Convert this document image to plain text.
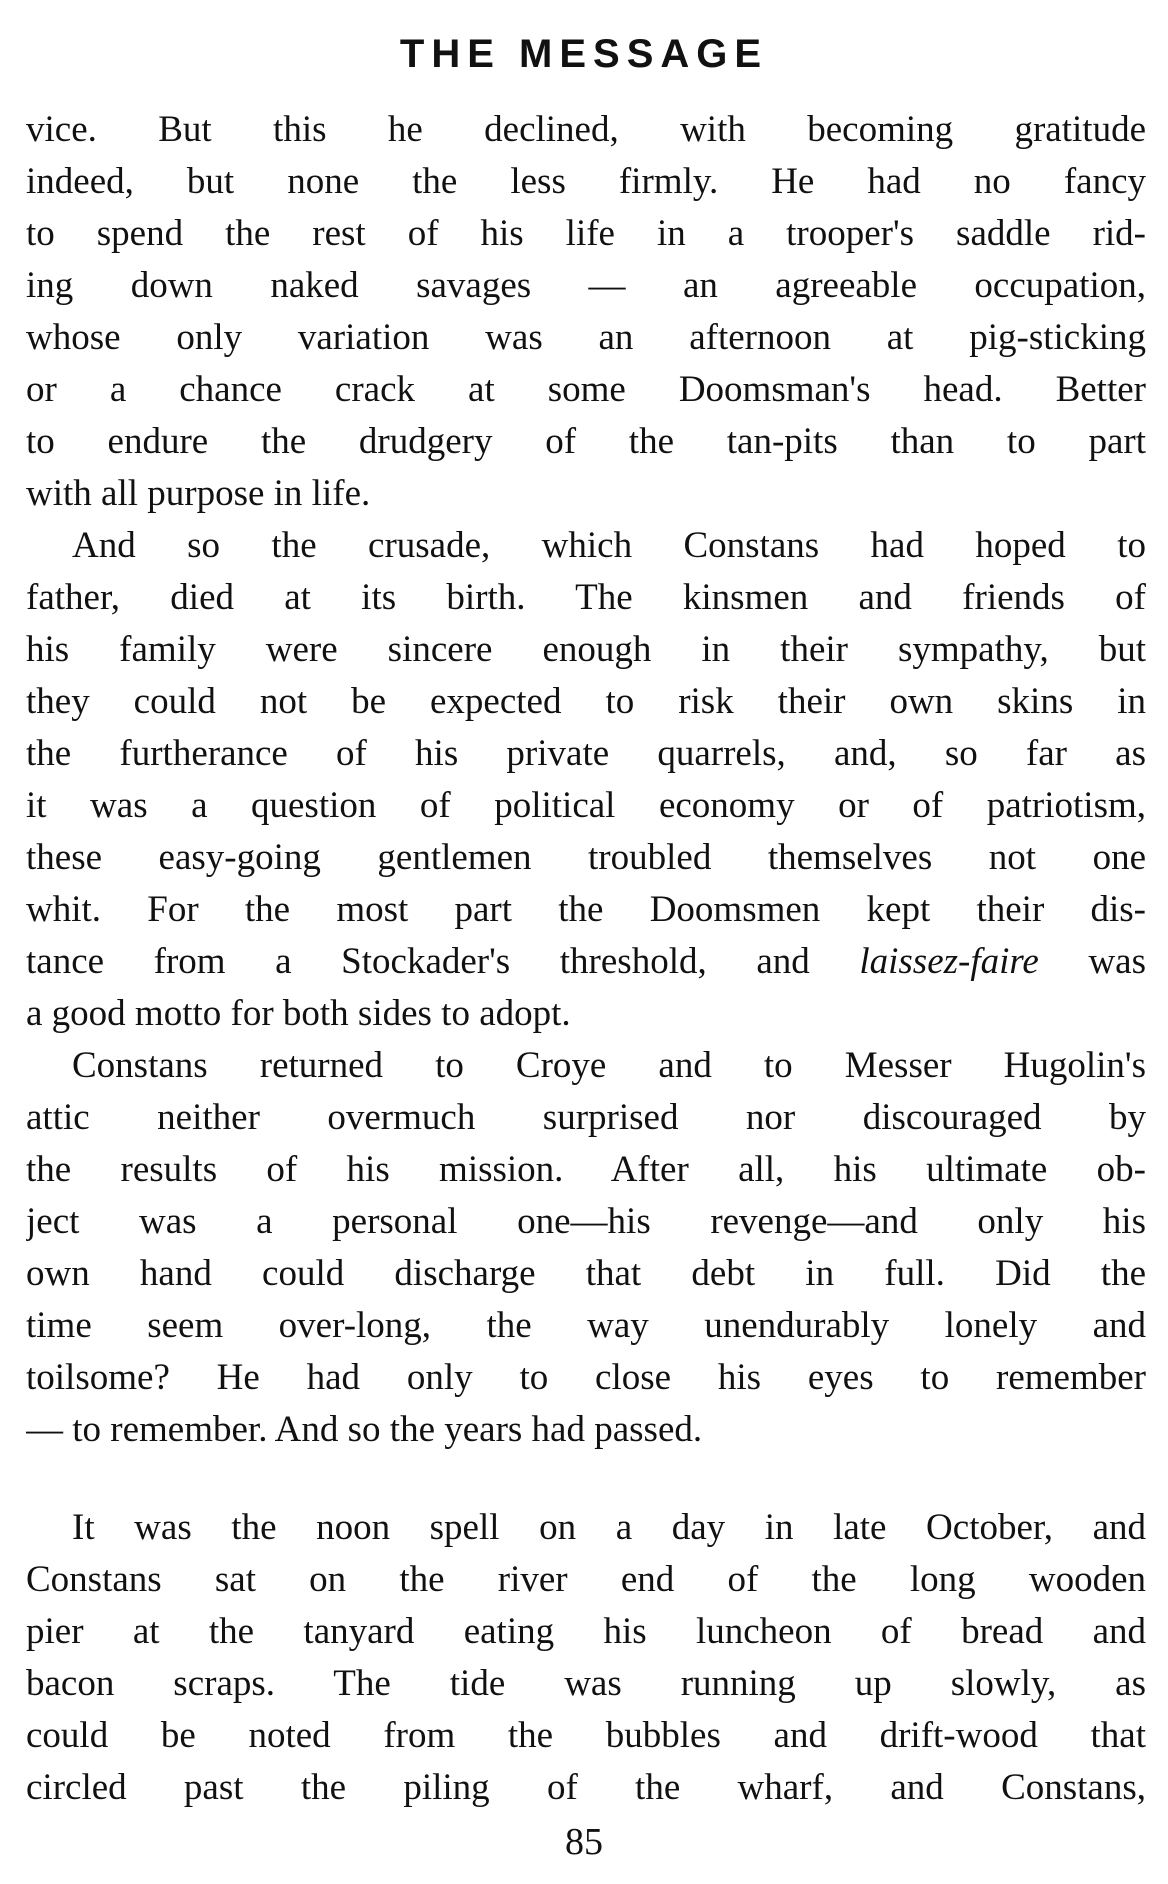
THE MESSAGE
vice. But this he declined, with becoming gratitude
indeed, but none the less firmly. He had no fancy
to spend the rest of his life in a trooper's saddle rid-
ing down naked savages — an agreeable occupation,
whose only variation was an afternoon at pig-sticking
or a chance crack at some Doomsman's head. Better
to endure the drudgery of the tan-pits than to part
with all purpose in life.
And so the crusade, which Constans had hoped to
father, died at its birth. The kinsmen and friends of
his family were sincere enough in their sympathy, but
they could not be expected to risk their own skins in
the furtherance of his private quarrels, and, so far as
it was a question of political economy or of patriotism,
these easy-going gentlemen troubled themselves not one
whit. For the most part the Doomsmen kept their dis-
tance from a Stockader's threshold, and laissez-faire was
a good motto for both sides to adopt.
Constans returned to Croye and to Messer Hugolin's
attic neither overmuch surprised nor discouraged by
the results of his mission. After all, his ultimate ob-
ject was a personal one—his revenge—and only his
own hand could discharge that debt in full. Did the
time seem over-long, the way unendurably lonely and
toilsome? He had only to close his eyes to remember
— to remember. And so the years had passed.
It was the noon spell on a day in late October, and
Constans sat on the river end of the long wooden
pier at the tanyard eating his luncheon of bread and
bacon scraps. The tide was running up slowly, as
could be noted from the bubbles and drift-wood that
circled past the piling of the wharf, and Constans,
85
